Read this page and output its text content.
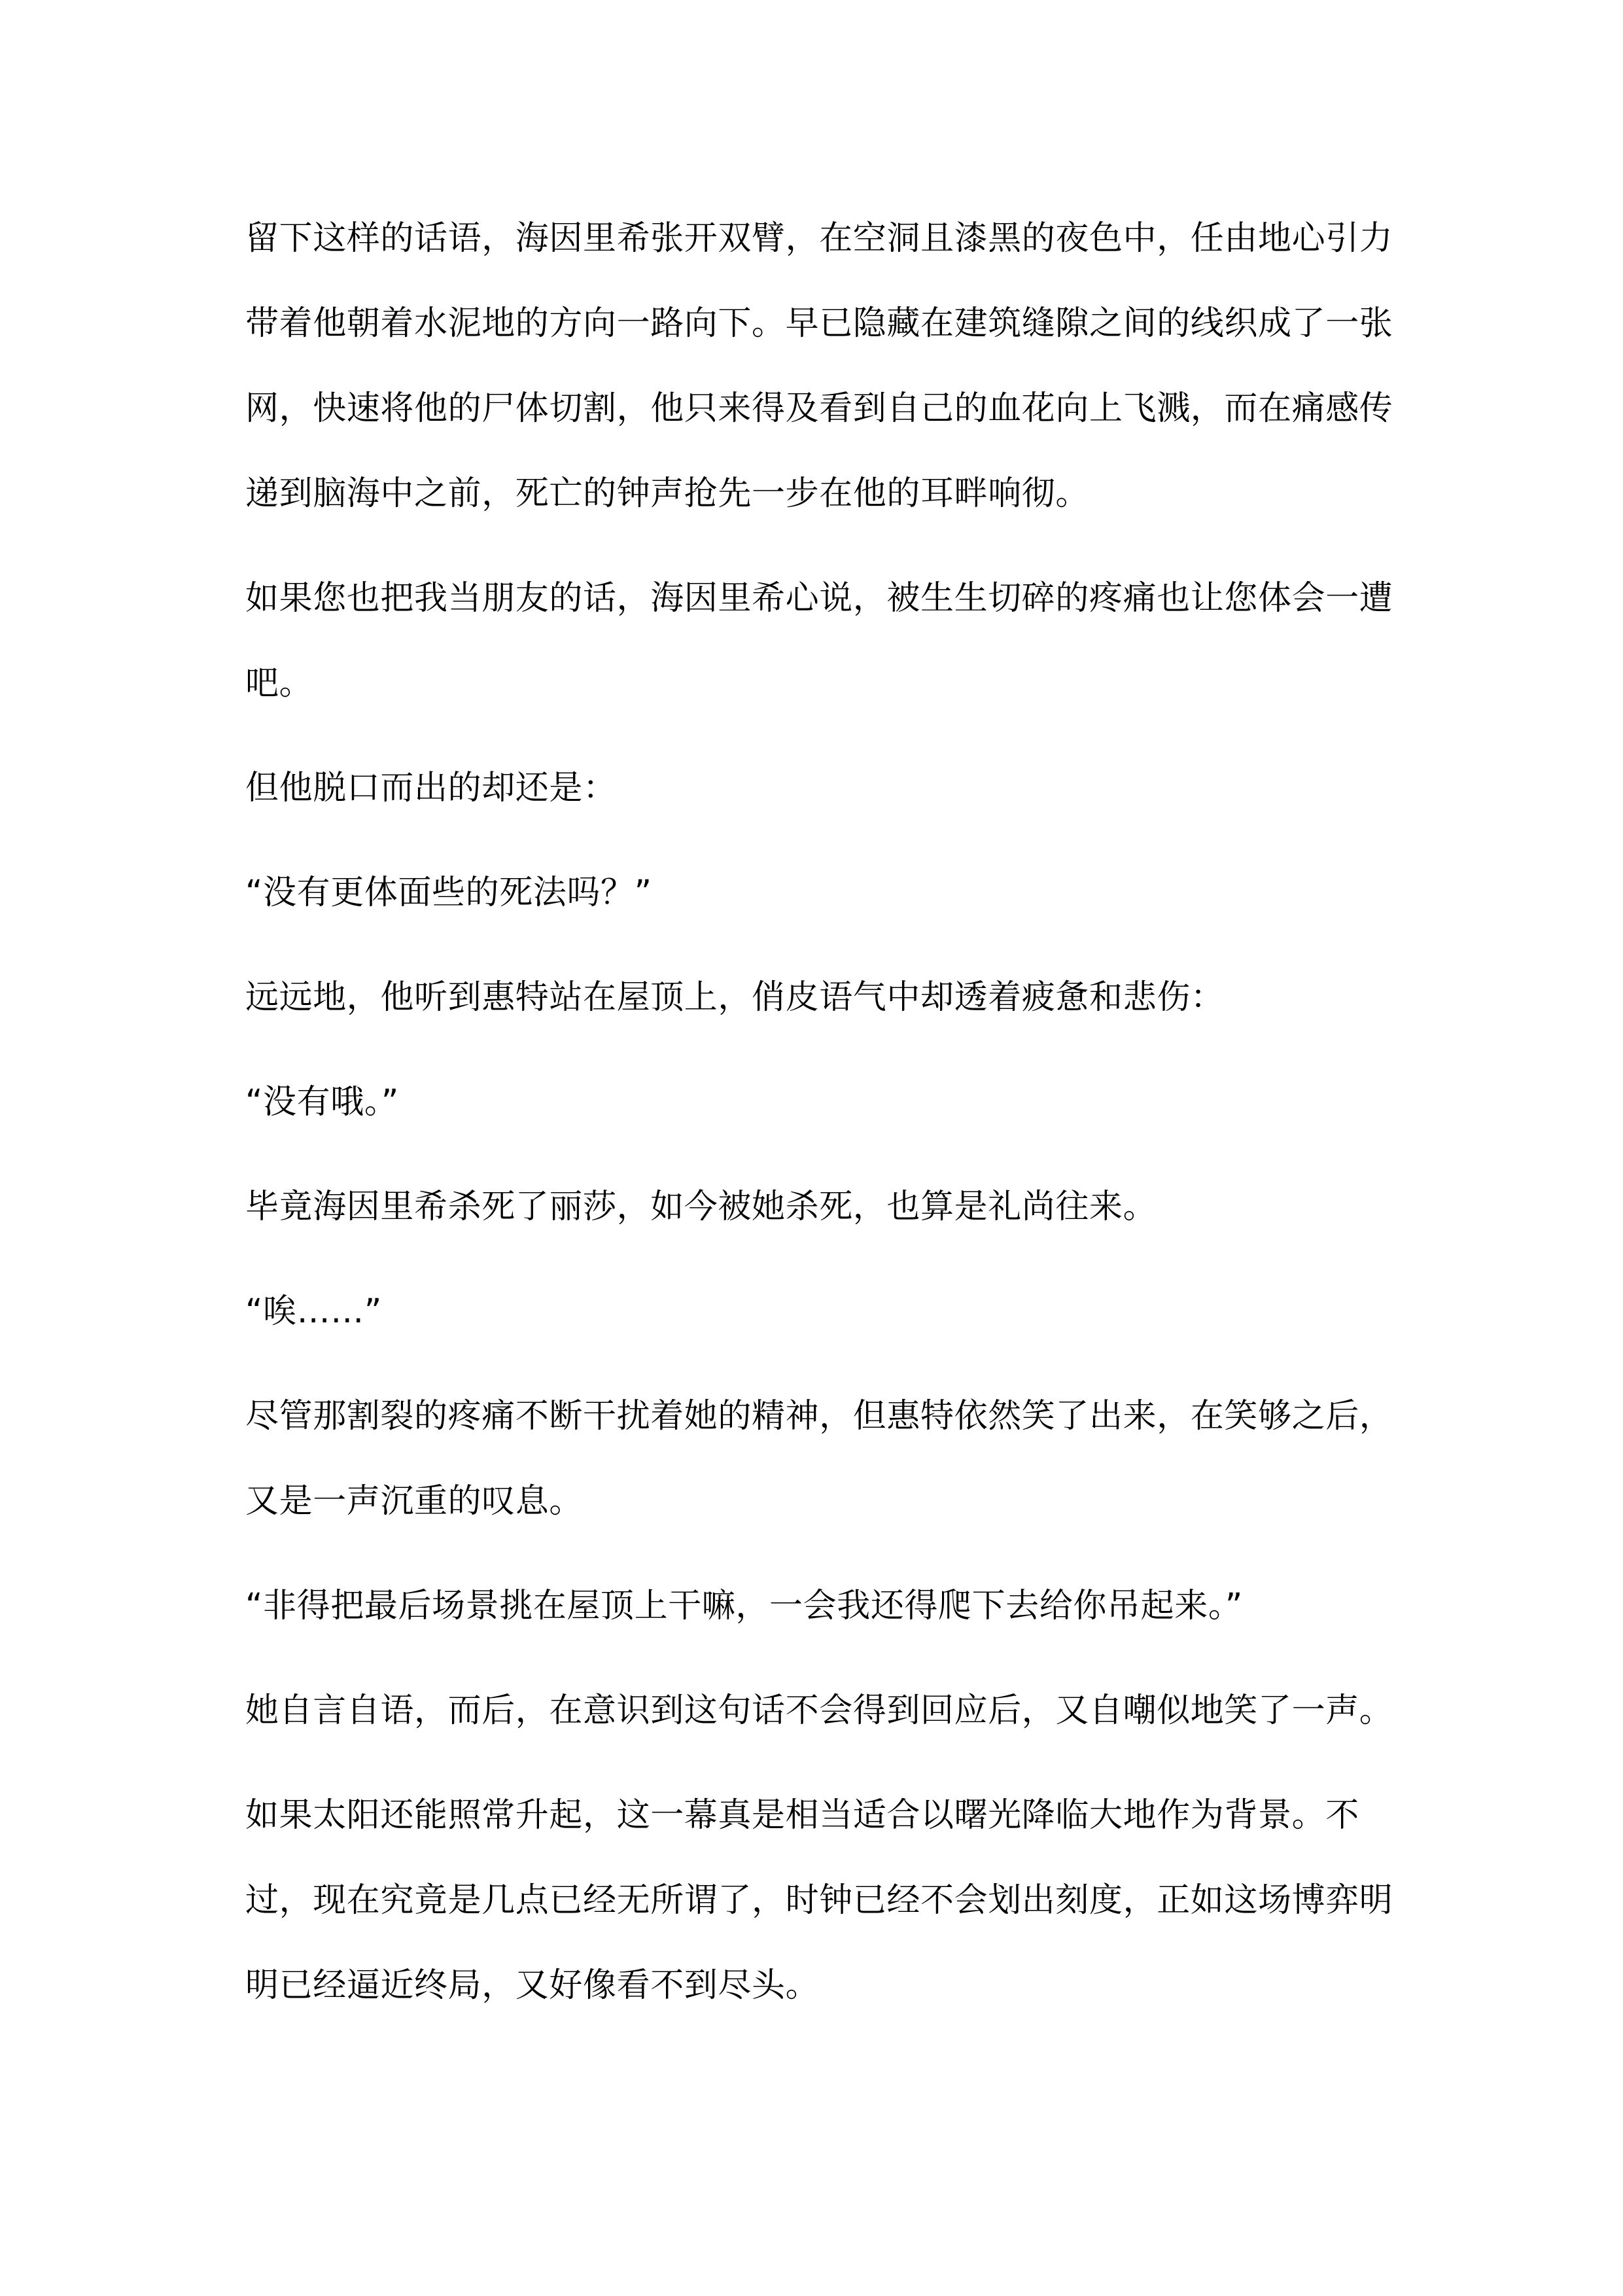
留下这样的话语，海因里希张开双臂，在空洞且漆黑的夜色中，任由地心引力
带着他朝着水泥地的方向一路向下。早已隐藏在建筑缝隙之间的线织成了一张
网，快速将他的尸体切割，他只来得及看到自己的血花向上飞溅，而在痛感传
递到脑海中之前，死亡的钟声抢先一步在他的耳畔响彻。
如果您也把我当朋友的话，海因里希心说，被生生切碎的疼痛也让您体会一遭
吧。
但他脱口而出的却还是：
“没有更体面些的死法吗？”
远远地，他听到惠特站在屋顶上，俏皮语气中却透着疲惫和悲伤：
“没有哦。”
毕竟海因里希杀死了丽莎，如今被她杀死，也算是礼尚往来。
“唉……”
尽管那割裂的疼痛不断干扰着她的精神，但惠特依然笑了出来，在笑够之后，
又是一声沉重的叹息。
“非得把最后场景挑在屋顶上干嘛，一会我还得爬下去给你吊起来。”
她自言自语，而后，在意识到这句话不会得到回应后，又自嘲似地笑了一声。
如果太阳还能照常升起，这一幕真是相当适合以曙光降临大地作为背景。不
过，现在究竟是几点已经无所谓了，时钟已经不会划出刻度，正如这场博弈明
明已经逼近终局，又好像看不到尽头。
